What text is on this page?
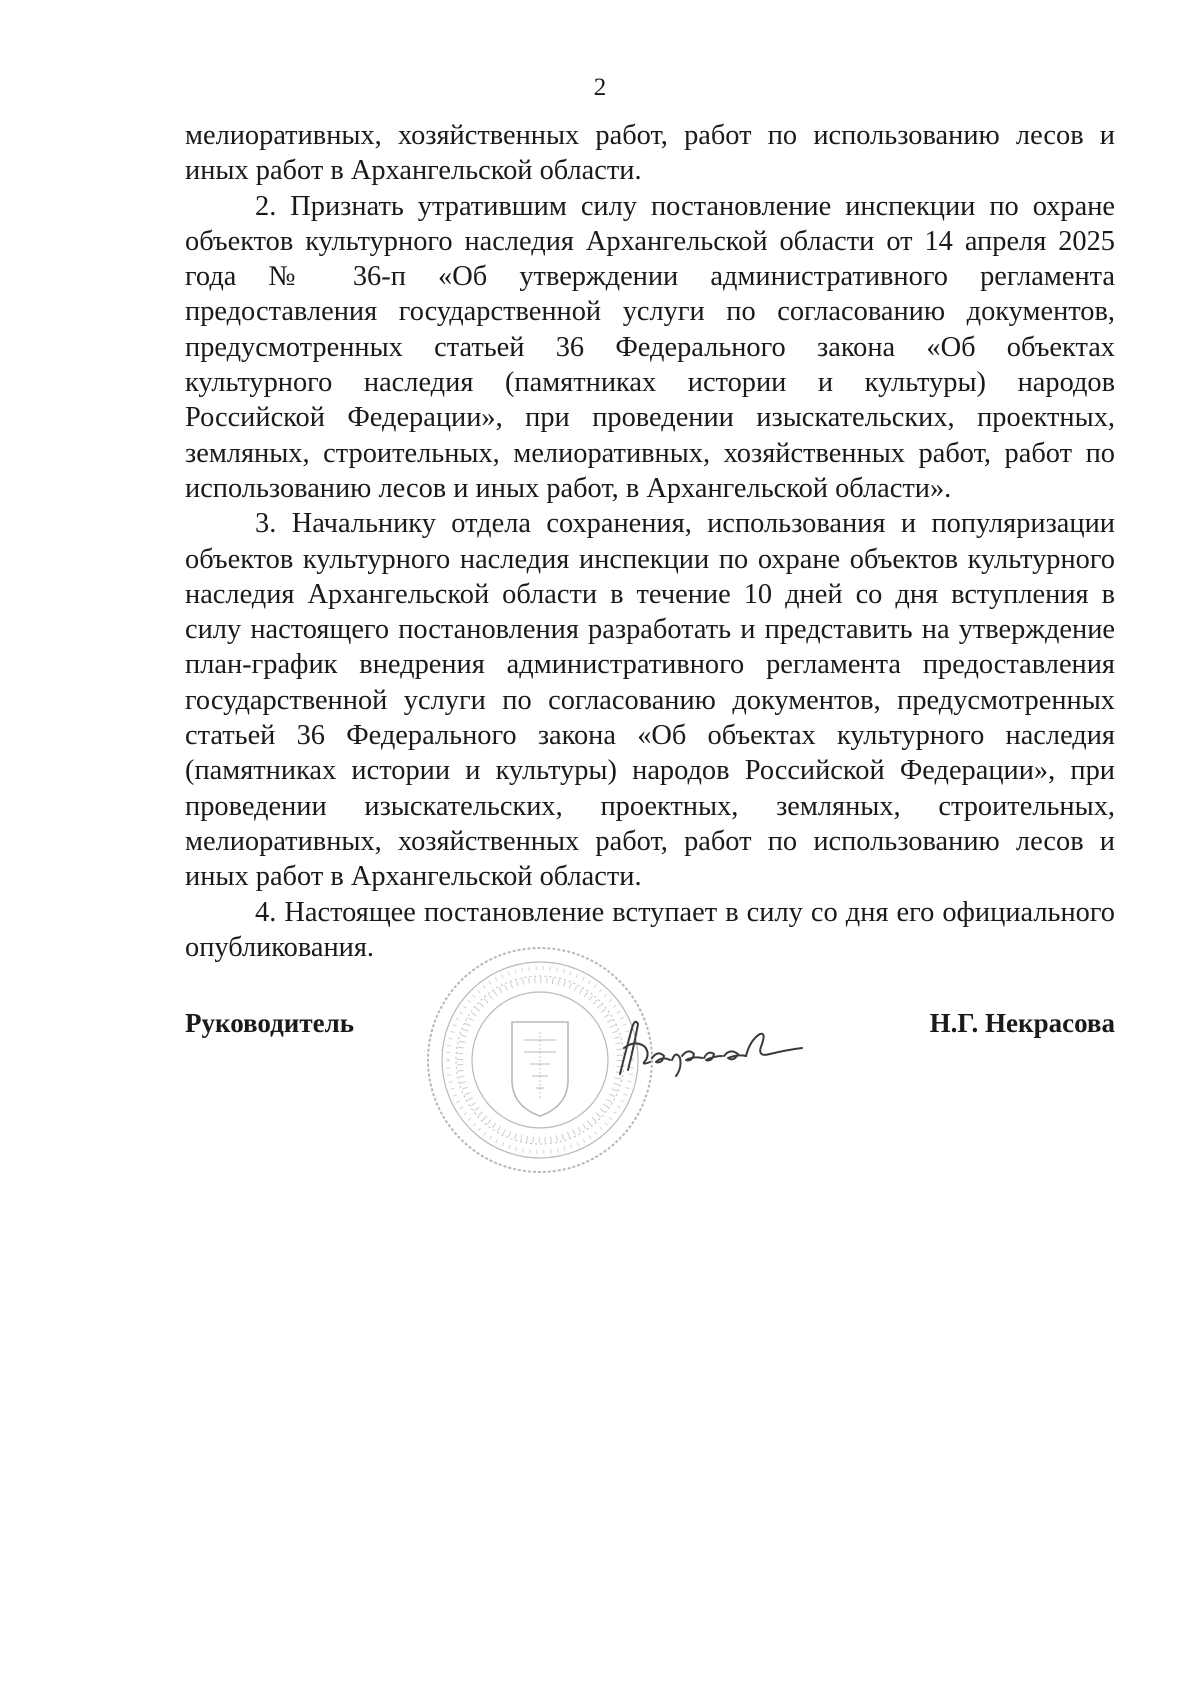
2

мелиоративных, хозяйственных работ, работ по использованию лесов и иных работ в Архангельской области.

2. Признать утратившим силу постановление инспекции по охране объектов культурного наследия Архангельской области от 14 апреля 2025 года № 36-п «Об утверждении административного регламента предоставления государственной услуги по согласованию документов, предусмотренных статьей 36 Федерального закона «Об объектах культурного наследия (памятниках истории и культуры) народов Российской Федерации», при проведении изыскательских, проектных, земляных, строительных, мелиоративных, хозяйственных работ, работ по использованию лесов и иных работ, в Архангельской области».

3. Начальнику отдела сохранения, использования и популяризации объектов культурного наследия инспекции по охране объектов культурного наследия Архангельской области в течение 10 дней со дня вступления в силу настоящего постановления разработать и представить на утверждение план-график внедрения административного регламента предоставления государственной услуги по согласованию документов, предусмотренных статьей 36 Федерального закона «Об объектах культурного наследия (памятниках истории и культуры) народов Российской Федерации», при проведении изыскательских, проектных, земляных, строительных, мелиоративных, хозяйственных работ, работ по использованию лесов и иных работ в Архангельской области.

4. Настоящее постановление вступает в силу со дня его официального опубликования.

Руководитель	Н.Г. Некрасова
